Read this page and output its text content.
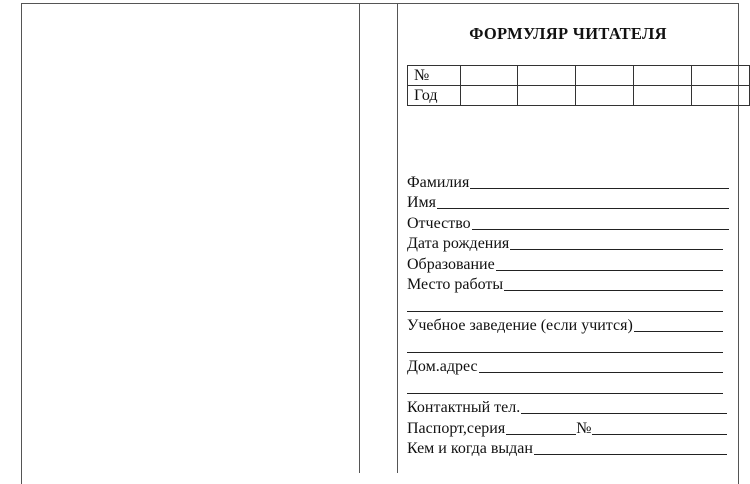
ФОРМУЛЯР ЧИТАТЕЛЯ
№					
Год					
Фамилия
Имя
Отчество
Дата рождения
Образование
Место работы
Учебное заведение (если учится)
Дом.адрес
Контактный тел.
Паспорт,серия	№
Кем и когда выдан
